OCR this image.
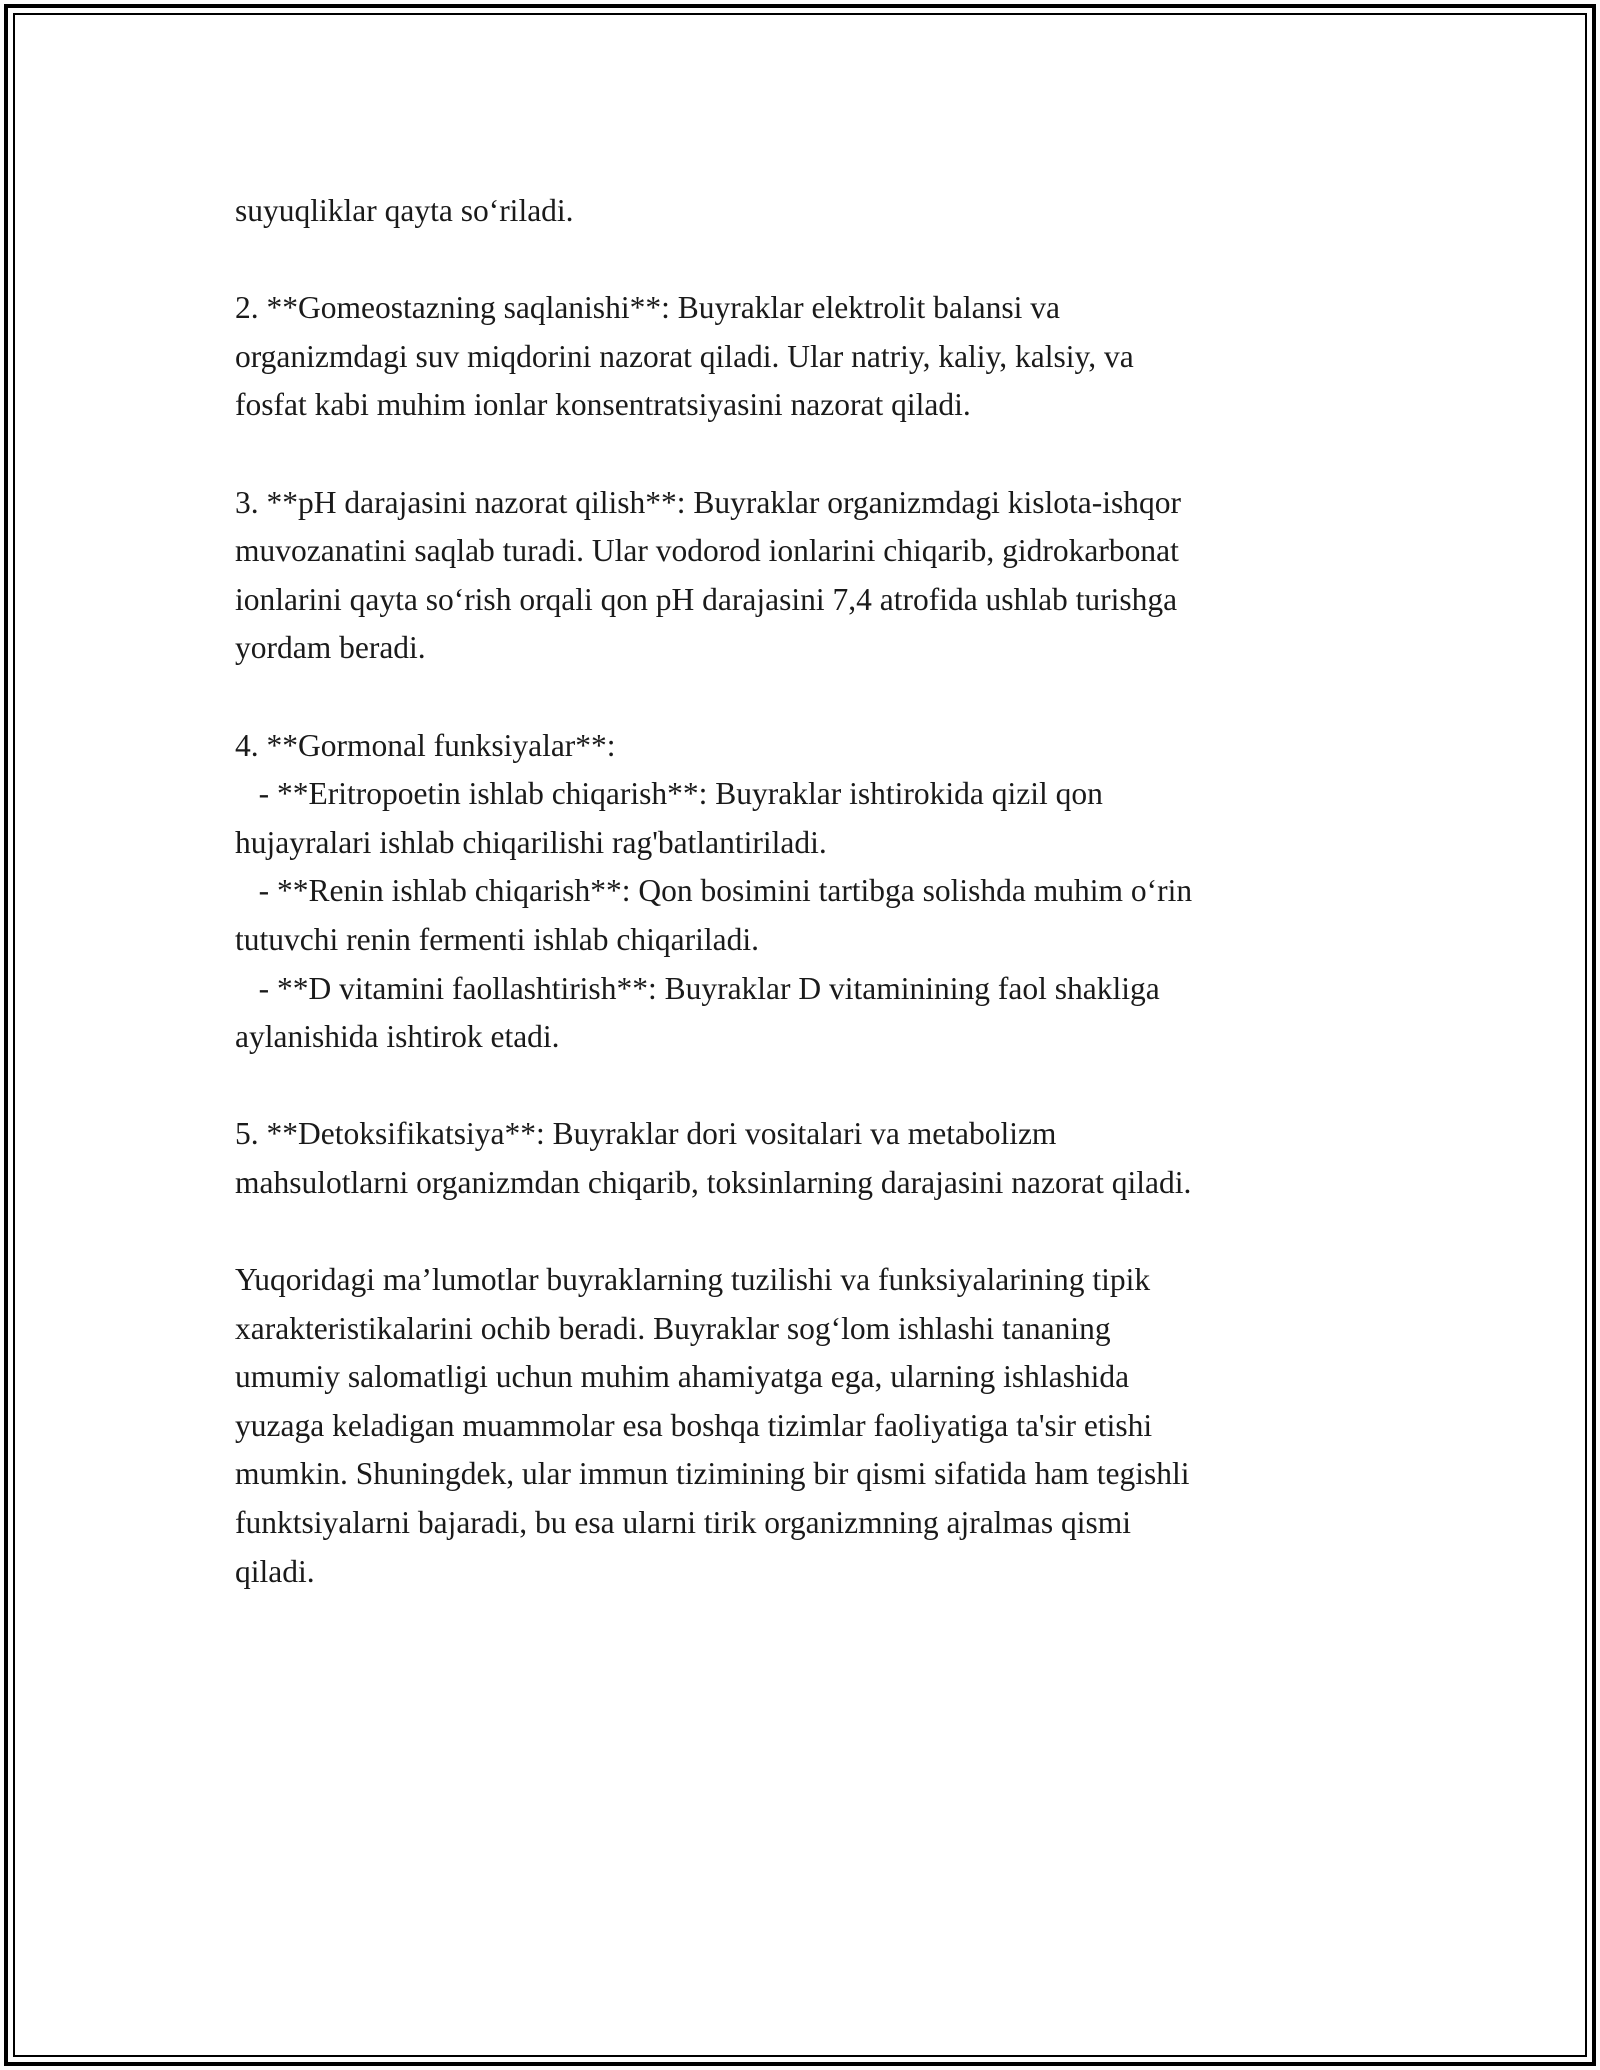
suyuqliklar qayta so‘riladi.
2. **Gomeostazning saqlanishi**: Buyraklar elektrolit balansi va
organizmdagi suv miqdorini nazorat qiladi. Ular natriy, kaliy, kalsiy, va
fosfat kabi muhim ionlar konsentratsiyasini nazorat qiladi.
3. **pH darajasini nazorat qilish**: Buyraklar organizmdagi kislota-ishqor
muvozanatini saqlab turadi. Ular vodorod ionlarini chiqarib, gidrokarbonat
ionlarini qayta so‘rish orqali qon pH darajasini 7,4 atrofida ushlab turishga
yordam beradi.
4. **Gormonal funksiyalar**:
- **Eritropoetin ishlab chiqarish**: Buyraklar ishtirokida qizil qon
hujayralari ishlab chiqarilishi rag'batlantiriladi.
- **Renin ishlab chiqarish**: Qon bosimini tartibga solishda muhim o‘rin
tutuvchi renin fermenti ishlab chiqariladi.
- **D vitamini faollashtirish**: Buyraklar D vitaminining faol shakliga
aylanishida ishtirok etadi.
5. **Detoksifikatsiya**: Buyraklar dori vositalari va metabolizm
mahsulotlarni organizmdan chiqarib, toksinlarning darajasini nazorat qiladi.
Yuqoridagi ma’lumotlar buyraklarning tuzilishi va funksiyalarining tipik
xarakteristikalarini ochib beradi. Buyraklar sog‘lom ishlashi tananing
umumiy salomatligi uchun muhim ahamiyatga ega, ularning ishlashida
yuzaga keladigan muammolar esa boshqa tizimlar faoliyatiga ta'sir etishi
mumkin. Shuningdek, ular immun tizimining bir qismi sifatida ham tegishli
funktsiyalarni bajaradi, bu esa ularni tirik organizmning ajralmas qismi
qiladi.
